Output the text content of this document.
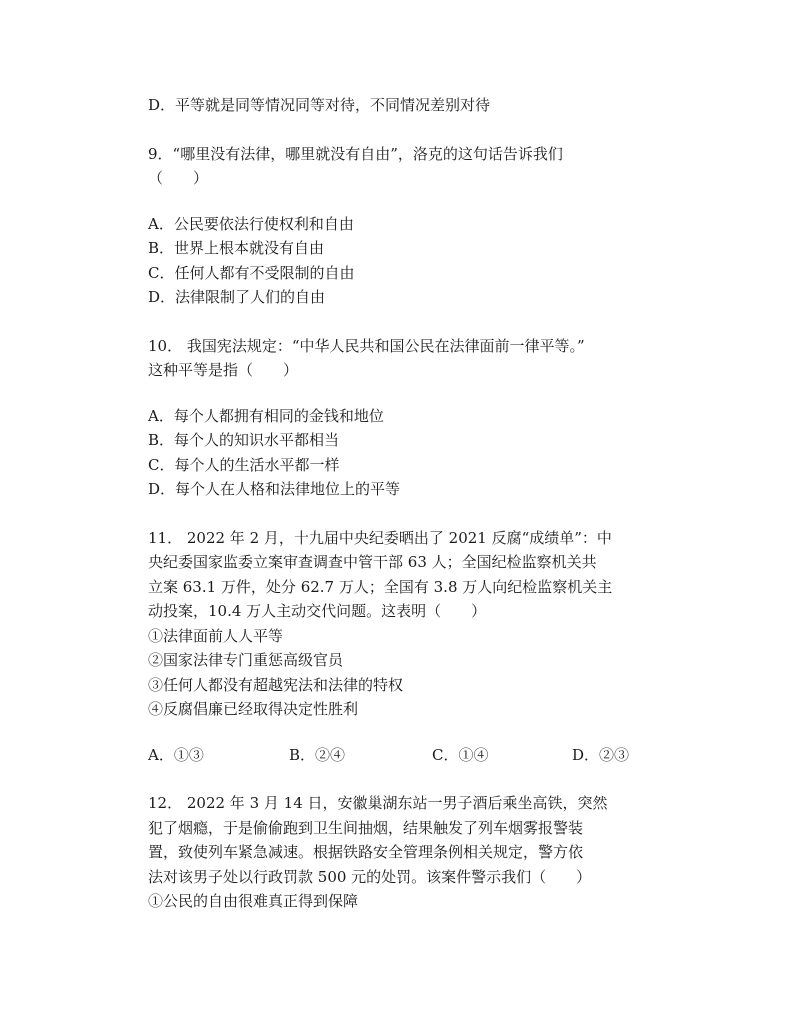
D．平等就是同等情况同等对待，不同情况差别对待

9．“哪里没有法律，哪里就没有自由”，洛克的这句话告诉我们

（　　）

A．公民要依法行使权利和自由

B．世界上根本就没有自由

C．任何人都有不受限制的自由

D．法律限制了人们的自由

10． 我国宪法规定：“中华人民共和国公民在法律面前一律平等。”

这种平等是指（　　）

A．每个人都拥有相同的金钱和地位

B．每个人的知识水平都相当

C．每个人的生活水平都一样

D．每个人在人格和法律地位上的平等

11． 2022 年 2 月，十九届中央纪委晒出了 2021 反腐“成绩单”：中

央纪委国家监委立案审查调查中管干部 63 人；全国纪检监察机关共

立案 63.1 万件，处分 62.7 万人；全国有 3.8 万人向纪检监察机关主

动投案，10.4 万人主动交代问题。这表明（　　）

①法律面前人人平等

②国家法律专门重惩高级官员

③任何人都没有超越宪法和法律的特权

④反腐倡廉已经取得决定性胜利

A．①③	B．②④	C．①④	D．②③

12． 2022 年 3 月 14 日，安徽巢湖东站一男子酒后乘坐高铁，突然

犯了烟瘾，于是偷偷跑到卫生间抽烟，结果触发了列车烟雾报警装

置，致使列车紧急减速。根据铁路安全管理条例相关规定，警方依

法对该男子处以行政罚款 500 元的处罚。该案件警示我们（　　）

①公民的自由很难真正得到保障
